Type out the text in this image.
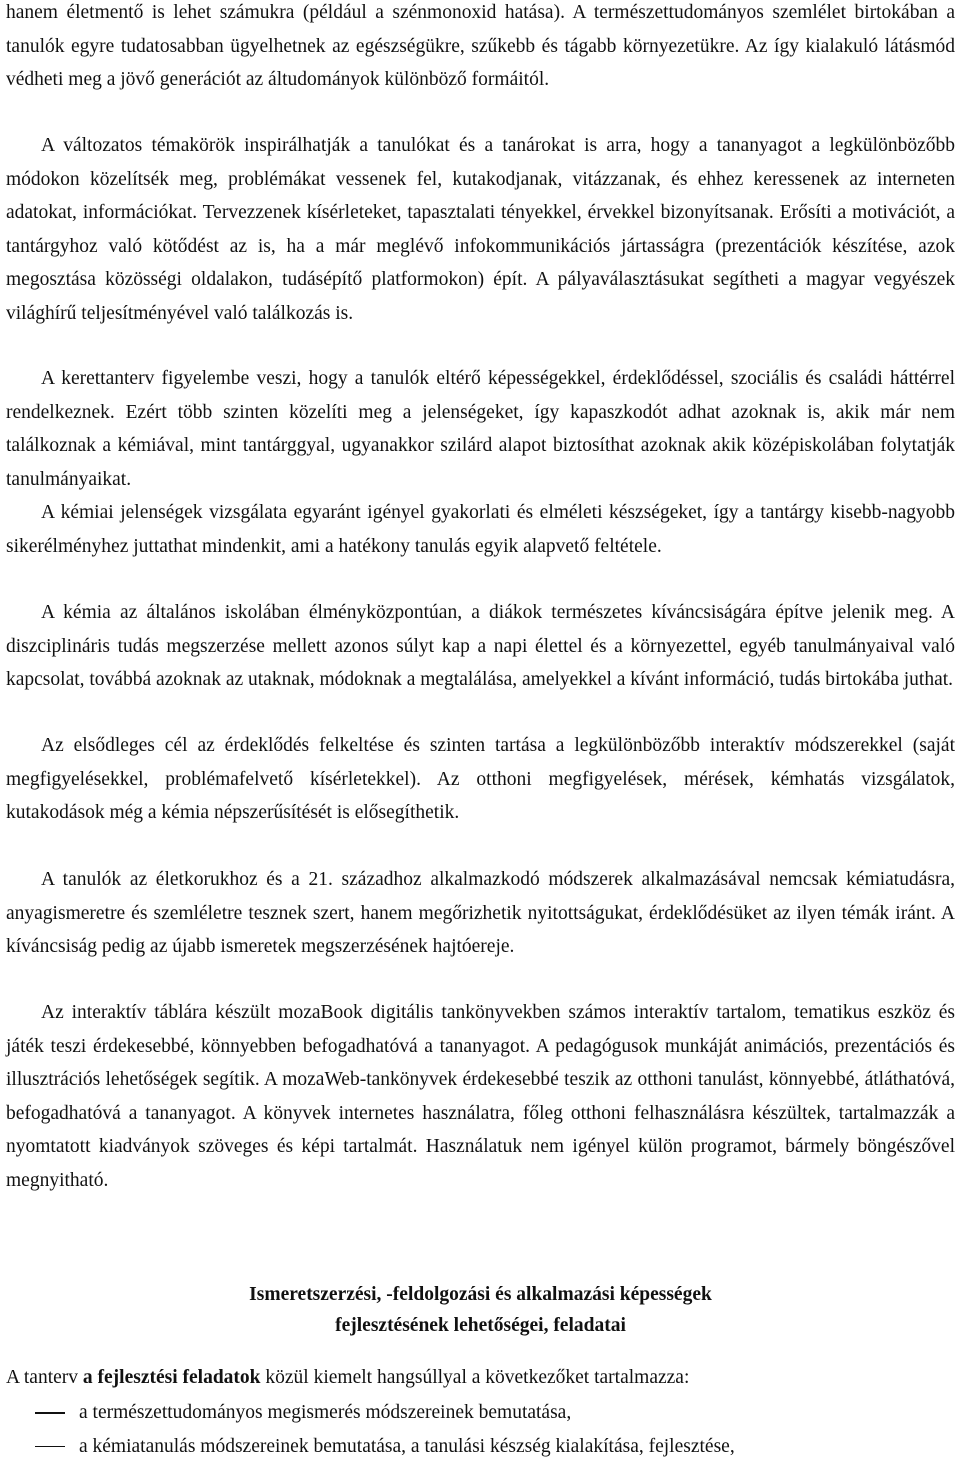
hanem életmentő is lehet számukra (például a szénmonoxid hatása). A természettudományos szemlélet birtokában a tanulók egyre tudatosabban ügyelhetnek az egészségükre, szűkebb és tágabb környezetükre. Az így kialakuló látásmód védheti meg a jövő generációt az áltudományok különböző formáitól.

A változatos témakörök inspirálhatják a tanulókat és a tanárokat is arra, hogy a tananyagot a legkülönbözőbb módokon közelítsék meg, problémákat vessenek fel, kutakodjanak, vitázzanak, és ehhez keressenek az interneten adatokat, információkat. Tervezzenek kísérleteket, tapasztalati tényekkel, érvekkel bizonyítsanak. Erősíti a motivációt, a tantárgyhoz való kötődést az is, ha a már meglévő infokommunikációs jártasságra (prezentációk készítése, azok megosztása közösségi oldalakon, tudásépítő platformokon) épít. A pályaválasztásukat segítheti a magyar vegyészek világhírű teljesítményével való találkozás is.

A kerettanterv figyelembe veszi, hogy a tanulók eltérő képességekkel, érdeklődéssel, szociális és családi háttérrel rendelkeznek. Ezért több szinten közelíti meg a jelenségeket, így kapaszkodót adhat azoknak is, akik már nem találkoznak a kémiával, mint tantárggyal, ugyanakkor szilárd alapot biztosíthat azoknak akik középiskolában folytatják tanulmányaikat.

A kémiai jelenségek vizsgálata egyaránt igényel gyakorlati és elméleti készségeket, így a tantárgy kisebb-nagyobb sikerélményhez juttathat mindenkit, ami a hatékony tanulás egyik alapvető feltétele.

A kémia az általános iskolában élményközpontúan, a diákok természetes kíváncsiságára építve jelenik meg. A diszciplináris tudás megszerzése mellett azonos súlyt kap a napi élettel és a környezettel, egyéb tanulmányaival való kapcsolat, továbbá azoknak az utaknak, módoknak a megtalálása, amelyekkel a kívánt információ, tudás birtokába juthat.

Az elsődleges cél az érdeklődés felkeltése és szinten tartása a legkülönbözőbb interaktív módszerekkel (saját megfigyelésekkel, problémafelvető kísérletekkel). Az otthoni megfigyelések, mérések, kémhatás vizsgálatok, kutakodások még a kémia népszerűsítését is elősegíthetik.

A tanulók az életkorukhoz és a 21. századhoz alkalmazkodó módszerek alkalmazásával nemcsak kémiatudásra, anyagismeretre és szemléletre tesznek szert, hanem megőrizhetik nyitottságukat, érdeklődésüket az ilyen témák iránt. A kíváncsiság pedig az újabb ismeretek megszerzésének hajtóereje.

Az interaktív táblára készült mozaBook digitális tankönyvekben számos interaktív tartalom, tematikus eszköz és játék teszi érdekesebbé, könnyebben befogadhatóvá a tananyagot. A pedagógusok munkáját animációs, prezentációs és illusztrációs lehetőségek segítik. A mozaWeb-tankönyvek érdekesebbé teszik az otthoni tanulást, könnyebbé, átláthatóvá, befogadhatóvá a tananyagot. A könyvek internetes használatra, főleg otthoni felhasználásra készültek, tartalmazzák a nyomtatott kiadványok szöveges és képi tartalmát. Használatuk nem igényel külön programot, bármely böngészővel megnyitható.

Ismeretszerzési, -feldolgozási és alkalmazási képességek

fejlesztésének lehetőségei, feladatai

A tanterv a fejlesztési feladatok közül kiemelt hangsúllyal a következőket tartalmazza:

a természettudományos megismerés módszereinek bemutatása,
a kémiatanulás módszereinek bemutatása, a tanulási készség kialakítása, fejlesztése,
